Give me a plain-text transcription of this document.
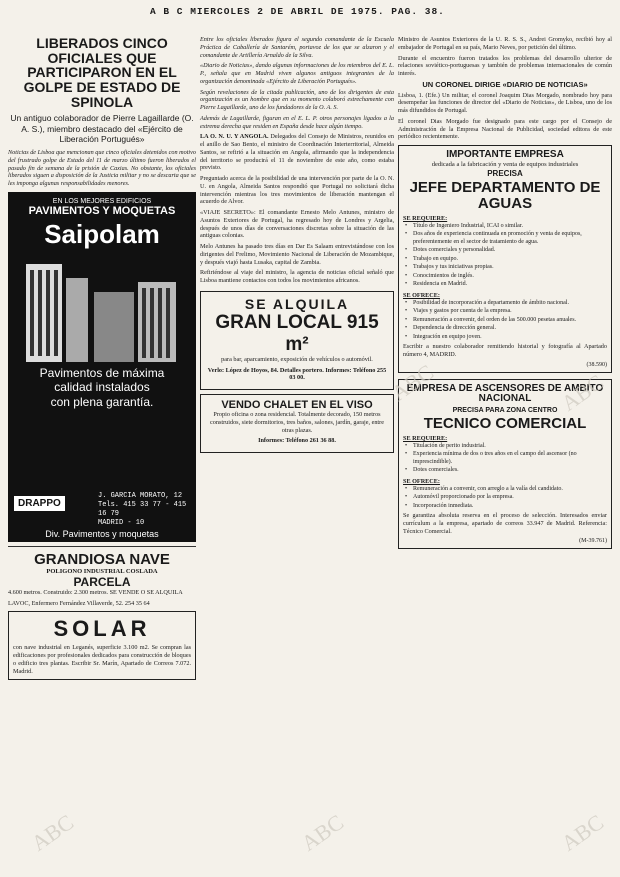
A B C MIERCOLES 2 DE ABRIL DE 1975. PAG. 38.
LIBERADOS CINCO OFICIALES QUE PARTICIPARON EN EL GOLPE DE ESTADO DE SPINOLA
Un antiguo colaborador de Pierre Lagaillarde (O. A. S.), miembro destacado del «Ejército de Liberación Portugués»

Noticias de Lisboa que mencionan que cinco oficiales detenidos con motivo del frustrado golpe de Estado del 11 de marzo último fueron liberados el pasado fin de semana de la prisión de Caxias. No obstante, los oficiales liberados siguen a disposición de la Justicia militar y no se descarta que se les imponga algunas responsabilidades menores.

EN LOS MEJORES EDIFICIOS
PAVIMENTOS Y MOQUETAS
Saipolam
Pavimentos de máxima
calidad instalados
con plena garantía.
J. GARCIA MORATO, 12
Tels. 415 33 77 - 415 16 79
MADRID - 10
DRAPPO
Div. Pavimentos y moquetas
GRANDIOSA NAVE
POLIGONO INDUSTRIAL COSLADA
PARCELA

4.600 metros. Construido: 2.300 metros. SE VENDE O SE ALQUILA

LAVOC, Enfermero Fernández Villaverde, 52. 254 35 64

SOLAR

con nave industrial en Leganés, superficie 3.100 m2. Se compran las edificaciones por profesionales dedicados para construcción de bloques o edificio tres plantas. Escribir Sr. Marín, Apartado de Correos 7.072. Madrid.

Entre los oficiales liberados figura el segundo comandante de la Escuela Práctica de Caballería de Santarém, portavoz de los que se alzaron y el comandante de Artillería Arnaldo de la Silva.

«Diario de Noticias», dando algunas informaciones de los miembros del E. L. P., señala que en Madrid viven algunos antiguos integrantes de la organización denominada «Ejército de Liberación Portugués».

Según revelaciones de la citada publicación, uno de los dirigentes de esta organización es un hombre que en su momento colaboró estrechamente con Pierre Lagaillarde, uno de los fundadores de la O. A. S.

Además de Lagaillarde, figuran en el E. L. P. otros personajes ligados a la extrema derecha que residen en España desde hace algún tiempo.

LA O. N. U. Y ANGOLA. Delegados del Consejo de Ministros, reunidos en el anillo de Sao Bento, el ministro de Coordinación Interterritorial, Almeida Santos, se refirió a la situación en Angola, afirmando que la independencia del territorio se producirá el 11 de noviembre de este año, como estaba previsto.

Preguntado acerca de la posibilidad de una intervención por parte de la O. N. U. en Angola, Almeida Santos respondió que Portugal no solicitará dicha intervención mientras los tres movimientos de liberación mantengan el acuerdo de Alvor.

«VIAJE SECRETO»: El comandante Ernesto Melo Antunes, ministro de Asuntos Exteriores de Portugal, ha regresado hoy de Londres y Argelia, después de unos días de conversaciones discretas sobre la situación de las antiguas colonias.

Melo Antunes ha pasado tres días en Dar Es Salaam entrevistándose con los dirigentes del Frelimo, Movimiento Nacional de Liberación de Mozambique, y después viajó hasta Lusaka, capital de Zambia.

Refiriéndose al viaje del ministro, la agencia de noticias oficial señaló que Lisboa mantiene contactos con todos los movimientos africanos.

SE ALQUILA
GRAN LOCAL 915 m²

para bar, aparcamiento, exposición de vehículos o automóvil.

Verlo: López de Hoyos, 84. Detalles portero. Informes: Teléfono 255 03 00.

VENDO CHALET EN EL VISO

Propio oficina o zona residencial. Totalmente decorado, 150 metros construidos, siete dormitorios, tres baños, salones, jardín, garaje, entre otras plazas.

Informes: Teléfono 261 36 88.

Ministro de Asuntos Exteriores de la U. R. S. S., Andrei Gromyko, recibió hoy al embajador de Portugal en su país, Mario Neves, por petición del último.

Durante el encuentro fueron tratados los problemas del desarrollo ulterior de relaciones soviético-portuguesas y también de problemas internacionales de común interés.

UN CORONEL DIRIGE «DIARIO DE NOTICIAS»

Lisboa, 1. (Efe.) Un militar, el coronel Joaquim Dias Morgado, nombrado hoy para desempeñar las funciones de director del «Diario de Noticias», de Lisboa, uno de los más difundidos de Portugal.

El coronel Dias Morgado fue designado para este cargo por el Consejo de Administración de la Empresa Nacional de Publicidad, sociedad editora de este periódico recientemente.

IMPORTANTE EMPRESA
dedicada a la fabricación y venta de equipos industriales
PRECISA
JEFE DEPARTAMENTO DE AGUAS
SE REQUIERE:
• Título de Ingeniero Industrial, ICAI o similar.
• Dos años de experiencia continuada en promoción y venta de equipos, preferentemente en el sector de tratamiento de agua.
• Dotes comerciales y personalidad.
• Trabajo en equipo.
• Trabajos y tus iniciativas propias.
• Conocimientos de inglés.
• Residencia en Madrid.
SE OFRECE:
• Posibilidad de incorporación a departamento de ámbito nacional.
• Viajes y gastos por cuenta de la empresa.
• Remuneración a convenir, del orden de las 500.000 pesetas anuales.
• Dependencia de dirección general.
• Integración en equipo joven.

Escribir a nuestro colaborador remitiendo historial y fotografía al Apartado número 4, MADRID.

(38.590)
EMPRESA DE ASCENSORES DE AMBITO NACIONAL
PRECISA PARA ZONA CENTRO
TECNICO COMERCIAL
SE REQUIERE:
• Titulación de perito industrial.
• Experiencia mínima de dos o tres años en el campo del ascensor (no imprescindible).
• Dotes comerciales.
SE OFRECE:
• Remuneración a convenir, con arreglo a la valía del candidato.
• Automóvil proporcionado por la empresa.
• Incorporación inmediata.

Se garantiza absoluta reserva en el proceso de selección. Interesados enviar currículum a la empresa, apartado de correos 33.947 de Madrid. Referencia: Técnico Comercial.

(M-39.761)
ABC	ABC	ABC
ABC	ABC
